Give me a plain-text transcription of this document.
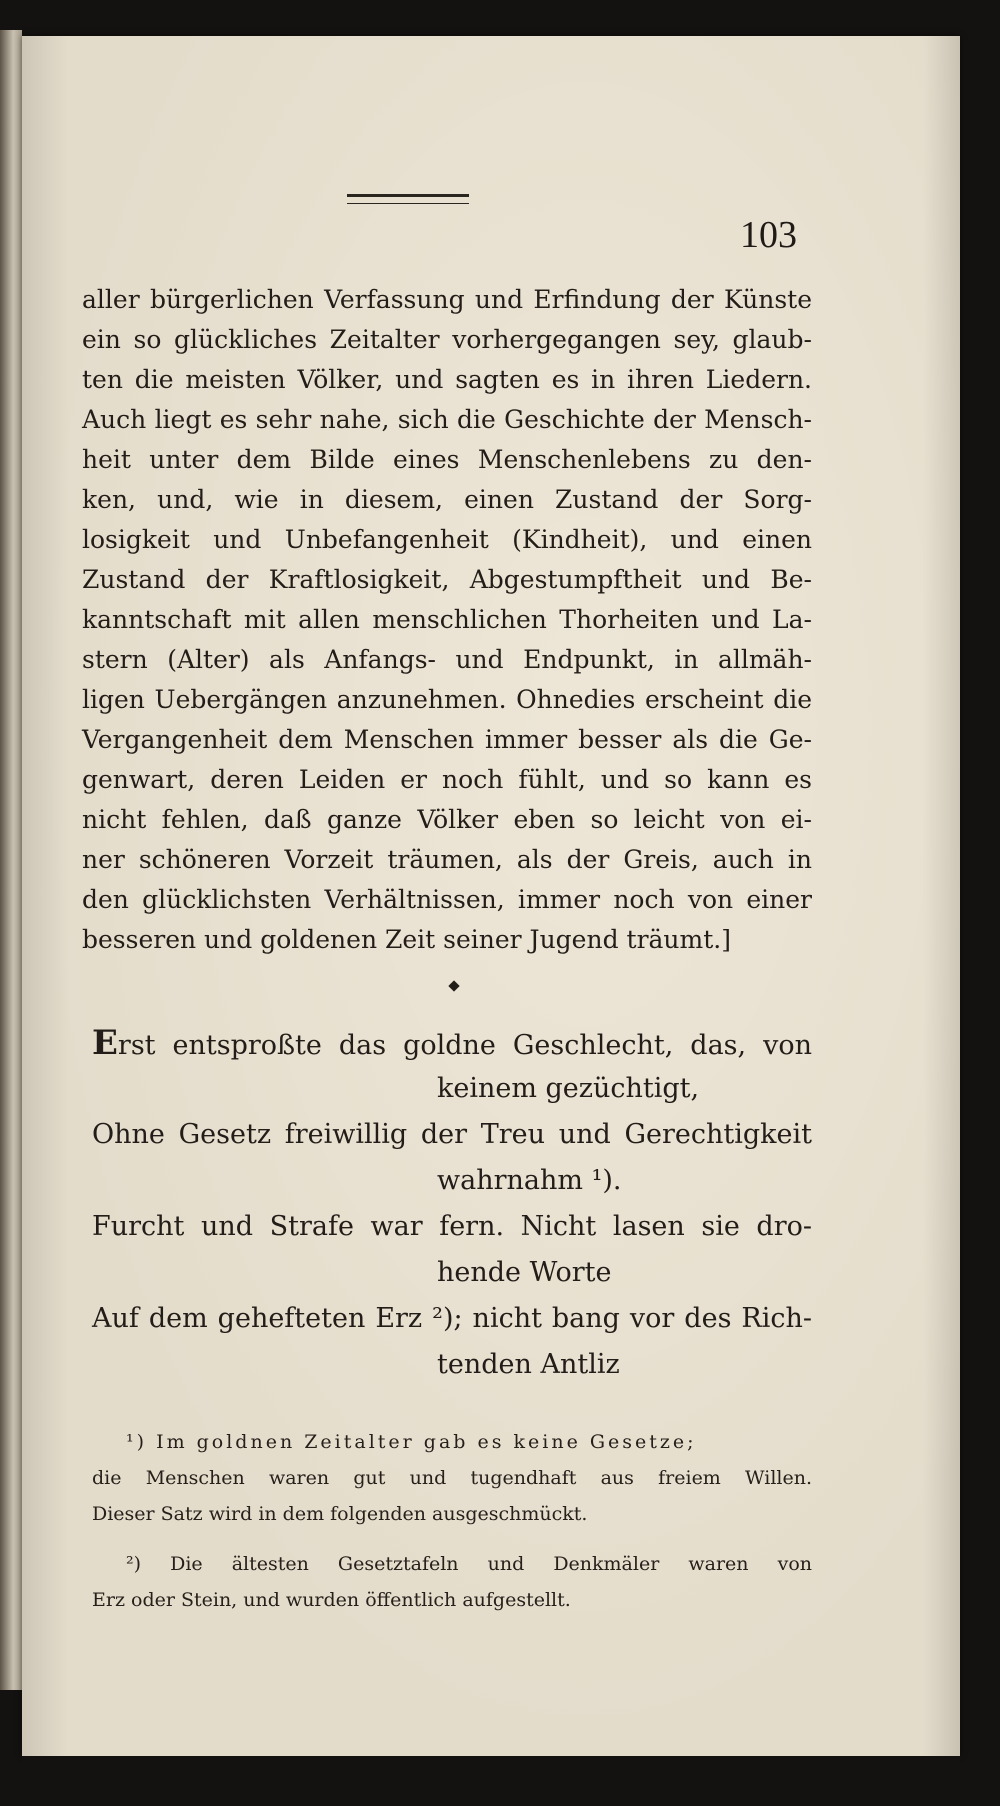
103
aller bürgerlichen Verfassung und Erfindung der Künste
ein so glückliches Zeitalter vorhergegangen sey, glaub-
ten die meisten Völker, und sagten es in ihren Liedern.
Auch liegt es sehr nahe, sich die Geschichte der Mensch-
heit unter dem Bilde eines Menschenlebens zu den-
ken, und, wie in diesem, einen Zustand der Sorg-
losigkeit und Unbefangenheit (Kindheit), und einen
Zustand der Kraftlosigkeit, Abgestumpftheit und Be-
kanntschaft mit allen menschlichen Thorheiten und La-
stern (Alter) als Anfangs- und Endpunkt, in allmäh-
ligen Uebergängen anzunehmen. Ohnedies erscheint die
Vergangenheit dem Menschen immer besser als die Ge-
genwart, deren Leiden er noch fühlt, und so kann es
nicht fehlen, daß ganze Völker eben so leicht von ei-
ner schöneren Vorzeit träumen, als der Greis, auch in
den glücklichsten Verhältnissen, immer noch von einer
besseren und goldenen Zeit seiner Jugend träumt.]
Erst entsproßte das goldne Geschlecht, das, von
keinem gezüchtigt,
Ohne Gesetz freiwillig der Treu und Gerechtigkeit
wahrnahm ¹).
Furcht und Strafe war fern. Nicht lasen sie dro-
hende Worte
Auf dem gehefteten Erz ²); nicht bang vor des Rich-
tenden Antliz
¹) Im goldnen Zeitalter gab es keine Gesetze;
die Menschen waren gut und tugendhaft aus freiem Willen.
Dieser Satz wird in dem folgenden ausgeschmückt.
²) Die ältesten Gesetztafeln und Denkmäler waren von
Erz oder Stein, und wurden öffentlich aufgestellt.
